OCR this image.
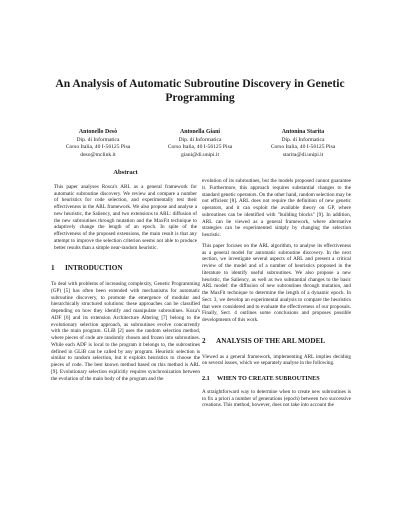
An Analysis of Automatic Subroutine Discovery in Genetic Programming
Antonello Desò
Dip. di Informatica
Corso Italia, 40 I-56125 Pisa
deso@mclink.it
Antonella Giani
Dip. di Informatica
Corso Italia, 40 I-56125 Pisa
giani@di.unipi.it
Antonina Starita
Dip. di Informatica
Corso Italia, 40 I-56125 Pisa
starita@di.unipi.it
Abstract

This paper analyses Rosca's ARL as a general framework for automatic subroutine discovery. We review and compare a number of heuristics for code selection, and experimentally test their effectiveness in the ARL framework. We also propose and analyse a new heuristic, the Saliency, and two extensions to ARL: diffusion of the new subroutines through mutation and the MaxFit technique to adaptively change the length of an epoch. In spite of the effectiveness of the proposed extensions, the main result is that any attempt to improve the selection criterion seems not able to produce better results than a simple near-random heuristic.

1 INTRODUCTION

To deal with problems of increasing complexity, Genetic Programming (GP) [5] has often been extended with mechanisms for automatic subroutine discovery, to promote the emergence of modular and hierarchically structured solutions: these approaches can be classified depending on how they identify and manipulate subroutines. Koza's ADF [6] and its extension Architecture Altering [7] belong to the evolutionary selection approach, as subroutines evolve concurrently with the main program. GLiB [2] uses the random selection method, where pieces of code are randomly chosen and frozen into subroutines. While each ADF is local to the program it belongs to, the subroutines defined in GLiB can be called by any program. Heuristic selection is similar to random selection, but it exploits heuristics to choose the pieces of code. The best known method based on this method is ARL [9]. Evolutionary selection explicitly requires synchronization between the evolution of the main body of the program and the

evolution of its subroutines, but the models proposed cannot guarantee it. Furthermore, this approach requires substantial changes to the standard genetic operators. On the other hand, random selection may be not efficient [8]. ARL does not require the definition of new genetic operators, and it can exploit the available theory on GP, where subroutines can be identified with "building blocks" [9]. In addition, ARL can be viewed as a general framework, where alternative strategies can be experimented simply by changing the selection heuristic.

This paper focuses on the ARL algorithm, to analyse its effectiveness as a general model for automatic subroutine discovery. In the next section, we investigate several aspects of ARL and present a critical review of the model and of a number of heuristics proposed in the literature to identify useful subroutines. We also propose a new heuristic, the Saliency, as well as two substantial changes to the basic ARL model: the diffusion of new subroutines through mutation, and the MaxFit technique to determine the length of a dynamic epoch. In Sect. 3, we develop an experimental analysis to compare the heuristics that were considered and to evaluate the effectiveness of our proposals. Finally, Sect. 4 outlines some conclusions and proposes possible developments of this work.

2 ANALYSIS OF THE ARL MODEL

Viewed as a general framework, implementing ARL implies deciding on several issues, which we separately analyse in the following.

2.1 WHEN TO CREATE SUBROUTINES

A straightforward way to determine when to create new subroutines is to fix a priori a number of generations (epoch) between two successive creations. This method, however, does not take into account the
